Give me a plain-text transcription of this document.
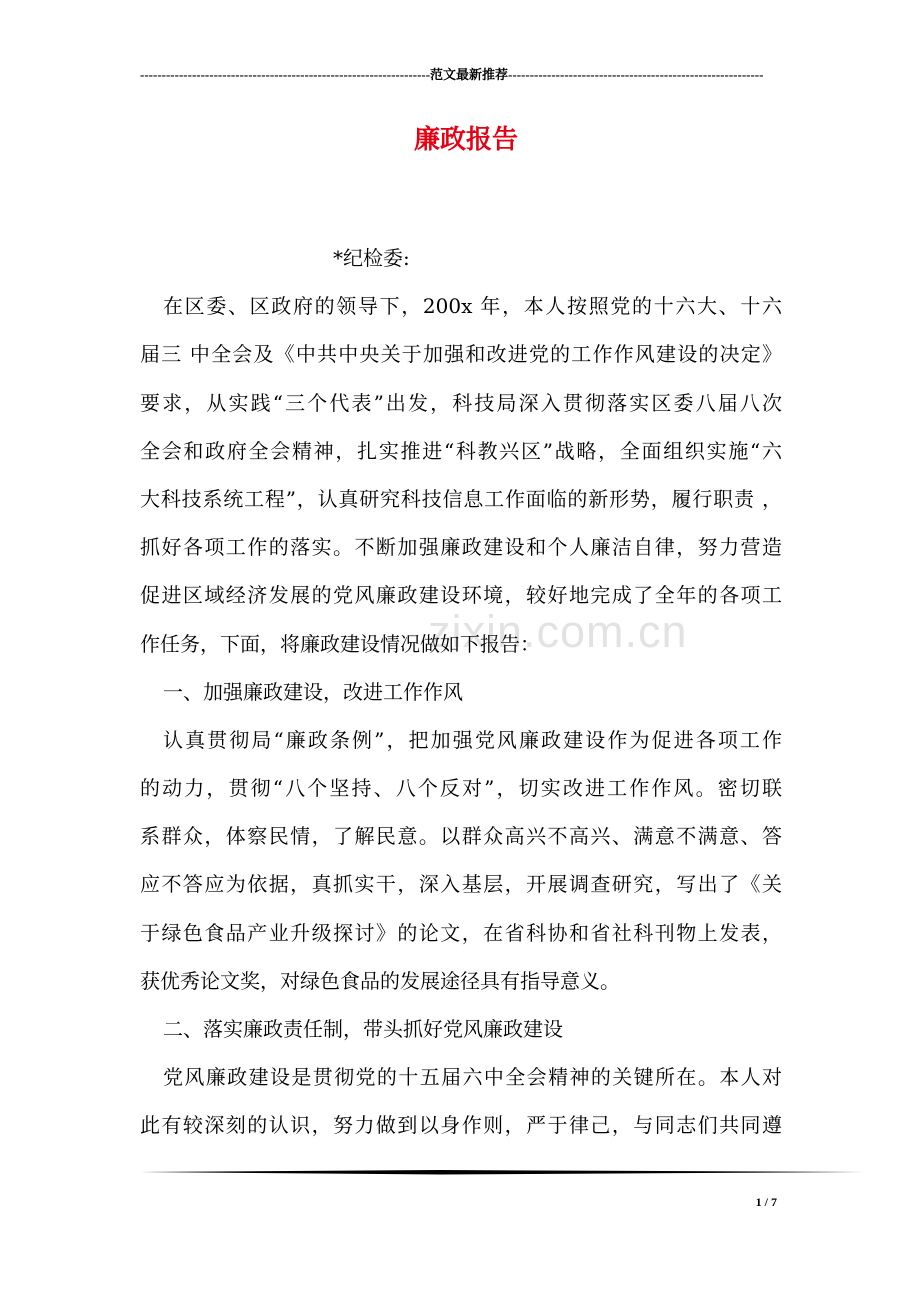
-------------------------------------------------------------------范文最新推荐-----------------------------------------------------------
廉政报告
zixin.com.cn
*纪检委:
在区委、区政府的领导下，200x 年，本人按照党的十六大、十六
届三 中全会及《中共中央关于加强和改进党的工作作风建设的决定》
要求，从实践“三个代表”出发，科技局深入贯彻落实区委八届八次
全会和政府全会精神，扎实推进“科教兴区”战略，全面组织实施“六
大科技系统工程”，认真研究科技信息工作面临的新形势，履行职责 ，
抓好各项工作的落实。不断加强廉政建设和个人廉洁自律，努力营造
促进区域经济发展的党风廉政建设环境，较好地完成了全年的各项工
作任务，下面，将廉政建设情况做如下报告：
一、加强廉政建设，改进工作作风
认真贯彻局“廉政条例”，把加强党风廉政建设作为促进各项工作
的动力，贯彻“八个坚持、八个反对”，切实改进工作作风。密切联
系群众，体察民情，了解民意。以群众高兴不高兴、满意不满意、答
应不答应为依据，真抓实干，深入基层，开展调查研究，写出了《关
于绿色食品产业升级探讨》的论文，在省科协和省社科刊物上发表，
获优秀论文奖，对绿色食品的发展途径具有指导意义。
二、落实廉政责任制，带头抓好党风廉政建设
党风廉政建设是贯彻党的十五届六中全会精神的关键所在。本人对
此有较深刻的认识，努力做到以身作则，严于律己，与同志们共同遵
1 / 7
